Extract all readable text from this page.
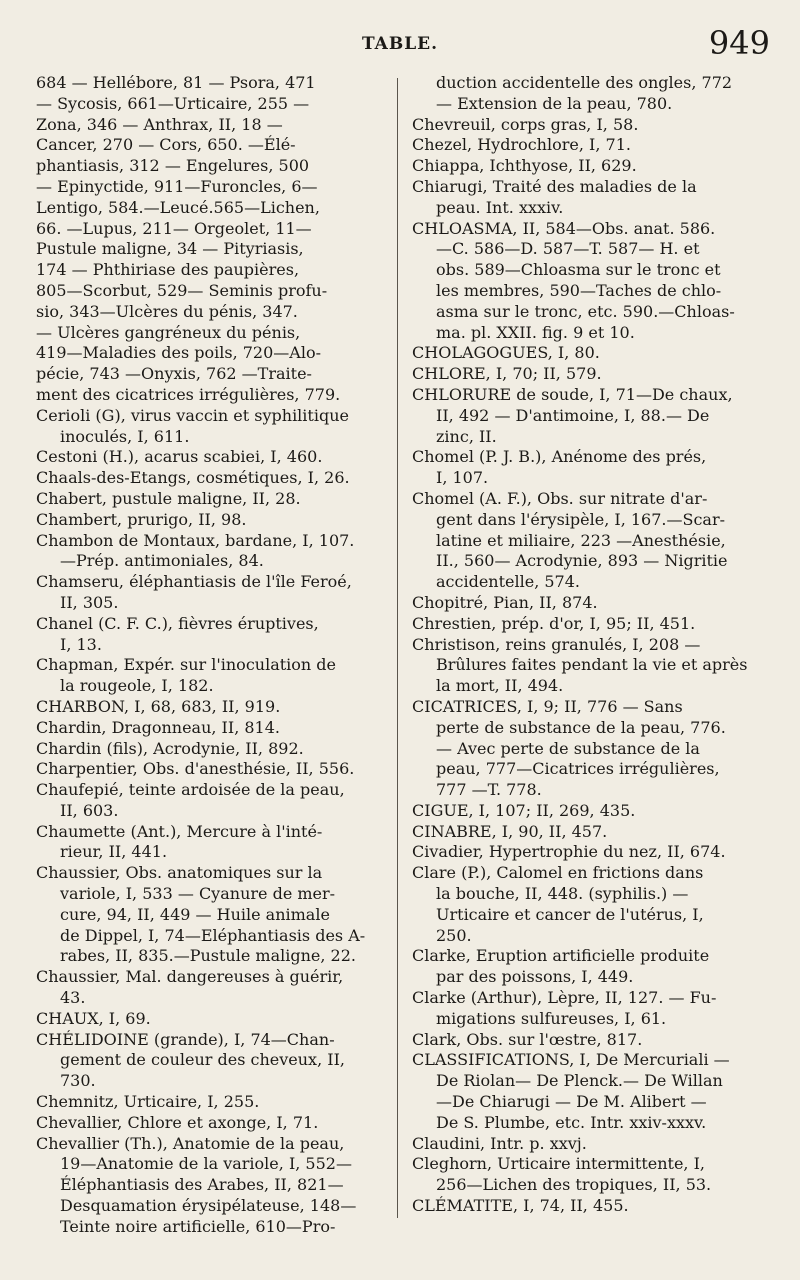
TABLE.	949
684 — Hellébore, 81 — Psora, 471
— Sycosis, 661—Urticaire, 255 —
Zona, 346 — Anthrax, II, 18 —
Cancer, 270 — Cors, 650. —Élé-
phantiasis, 312 — Engelures, 500
— Epinyctide, 911—Furoncles, 6—
Lentigo, 584.—Leucé.565—Lichen,
66. —Lupus, 211— Orgeolet, 11—
Pustule maligne, 34 — Pityriasis,
174 — Phthiriase des paupières,
805—Scorbut, 529— Seminis profu-
sio, 343—Ulcères du pénis, 347.
— Ulcères gangréneux du pénis,
419—Maladies des poils, 720—Alo-
pécie, 743 —Onyxis, 762 —Traite-
ment des cicatrices irrégulières, 779.
Cerioli (G), virus vaccin et syphilitique
inoculés, I, 611.
Cestoni (H.), acarus scabiei, I, 460.
Chaals-des-Etangs, cosmétiques, I, 26.
Chabert, pustule maligne, II, 28.
Chambert, prurigo, II, 98.
Chambon de Montaux, bardane, I, 107.
—Prép. antimoniales, 84.
Chamseru, éléphantiasis de l'île Feroé,
II, 305.
Chanel (C. F. C.), fièvres éruptives,
I, 13.
Chapman, Expér. sur l'inoculation de
la rougeole, I, 182.
CHARBON, I, 68, 683, II, 919.
Chardin, Dragonneau, II, 814.
Chardin (fils), Acrodynie, II, 892.
Charpentier, Obs. d'anesthésie, II, 556.
Chaufepié, teinte ardoisée de la peau,
II, 603.
Chaumette (Ant.), Mercure à l'inté-
rieur, II, 441.
Chaussier, Obs. anatomiques sur la
variole, I, 533 — Cyanure de mer-
cure, 94, II, 449 — Huile animale
de Dippel, I, 74—Eléphantiasis des A-
rabes, II, 835.—Pustule maligne, 22.
Chaussier, Mal. dangereuses à guérir,
43.
CHAUX, I, 69.
CHÉLIDOINE (grande), I, 74—Chan-
gement de couleur des cheveux, II,
730.
Chemnitz, Urticaire, I, 255.
Chevallier, Chlore et axonge, I, 71.
Chevallier (Th.), Anatomie de la peau,
19—Anatomie de la variole, I, 552—
Éléphantiasis des Arabes, II, 821—
Desquamation érysipélateuse, 148—
Teinte noire artificielle, 610—Pro-
duction accidentelle des ongles, 772
— Extension de la peau, 780.
Chevreuil, corps gras, I, 58.
Chezel, Hydrochlore, I, 71.
Chiappa, Ichthyose, II, 629.
Chiarugi, Traité des maladies de la
peau. Int. xxxiv.
CHLOASMA, II, 584—Obs. anat. 586.
—C. 586—D. 587—T. 587— H. et
obs. 589—Chloasma sur le tronc et
les membres, 590—Taches de chlo-
asma sur le tronc, etc. 590.—Chloas-
ma. pl. XXII. fig. 9 et 10.
CHOLAGOGUES, I, 80.
CHLORE, I, 70; II, 579.
CHLORURE de soude, I, 71—De chaux,
II, 492 — D'antimoine, I, 88.— De
zinc, II.
Chomel (P. J. B.), Anénome des prés,
I, 107.
Chomel (A. F.), Obs. sur nitrate d'ar-
gent dans l'érysipèle, I, 167.—Scar-
latine et miliaire, 223 —Anesthésie,
II., 560— Acrodynie, 893 — Nigritie
accidentelle, 574.
Chopitré, Pian, II, 874.
Chrestien, prép. d'or, I, 95; II, 451.
Christison, reins granulés, I, 208 —
Brûlures faites pendant la vie et après
la mort, II, 494.
CICATRICES, I, 9; II, 776 — Sans
perte de substance de la peau, 776.
— Avec perte de substance de la
peau, 777—Cicatrices irrégulières,
777 —T. 778.
CIGUE, I, 107; II, 269, 435.
CINABRE, I, 90, II, 457.
Civadier, Hypertrophie du nez, II, 674.
Clare (P.), Calomel en frictions dans
la bouche, II, 448. (syphilis.) —
Urticaire et cancer de l'utérus, I,
250.
Clarke, Eruption artificielle produite
par des poissons, I, 449.
Clarke (Arthur), Lèpre, II, 127. — Fu-
migations sulfureuses, I, 61.
Clark, Obs. sur l'œstre, 817.
CLASSIFICATIONS, I, De Mercuriali —
De Riolan— De Plenck.— De Willan
—De Chiarugi — De M. Alibert —
De S. Plumbe, etc. Intr. xxiv-xxxv.
Claudini, Intr. p. xxvj.
Cleghorn, Urticaire intermittente, I,
256—Lichen des tropiques, II, 53.
CLÉMATITE, I, 74, II, 455.
